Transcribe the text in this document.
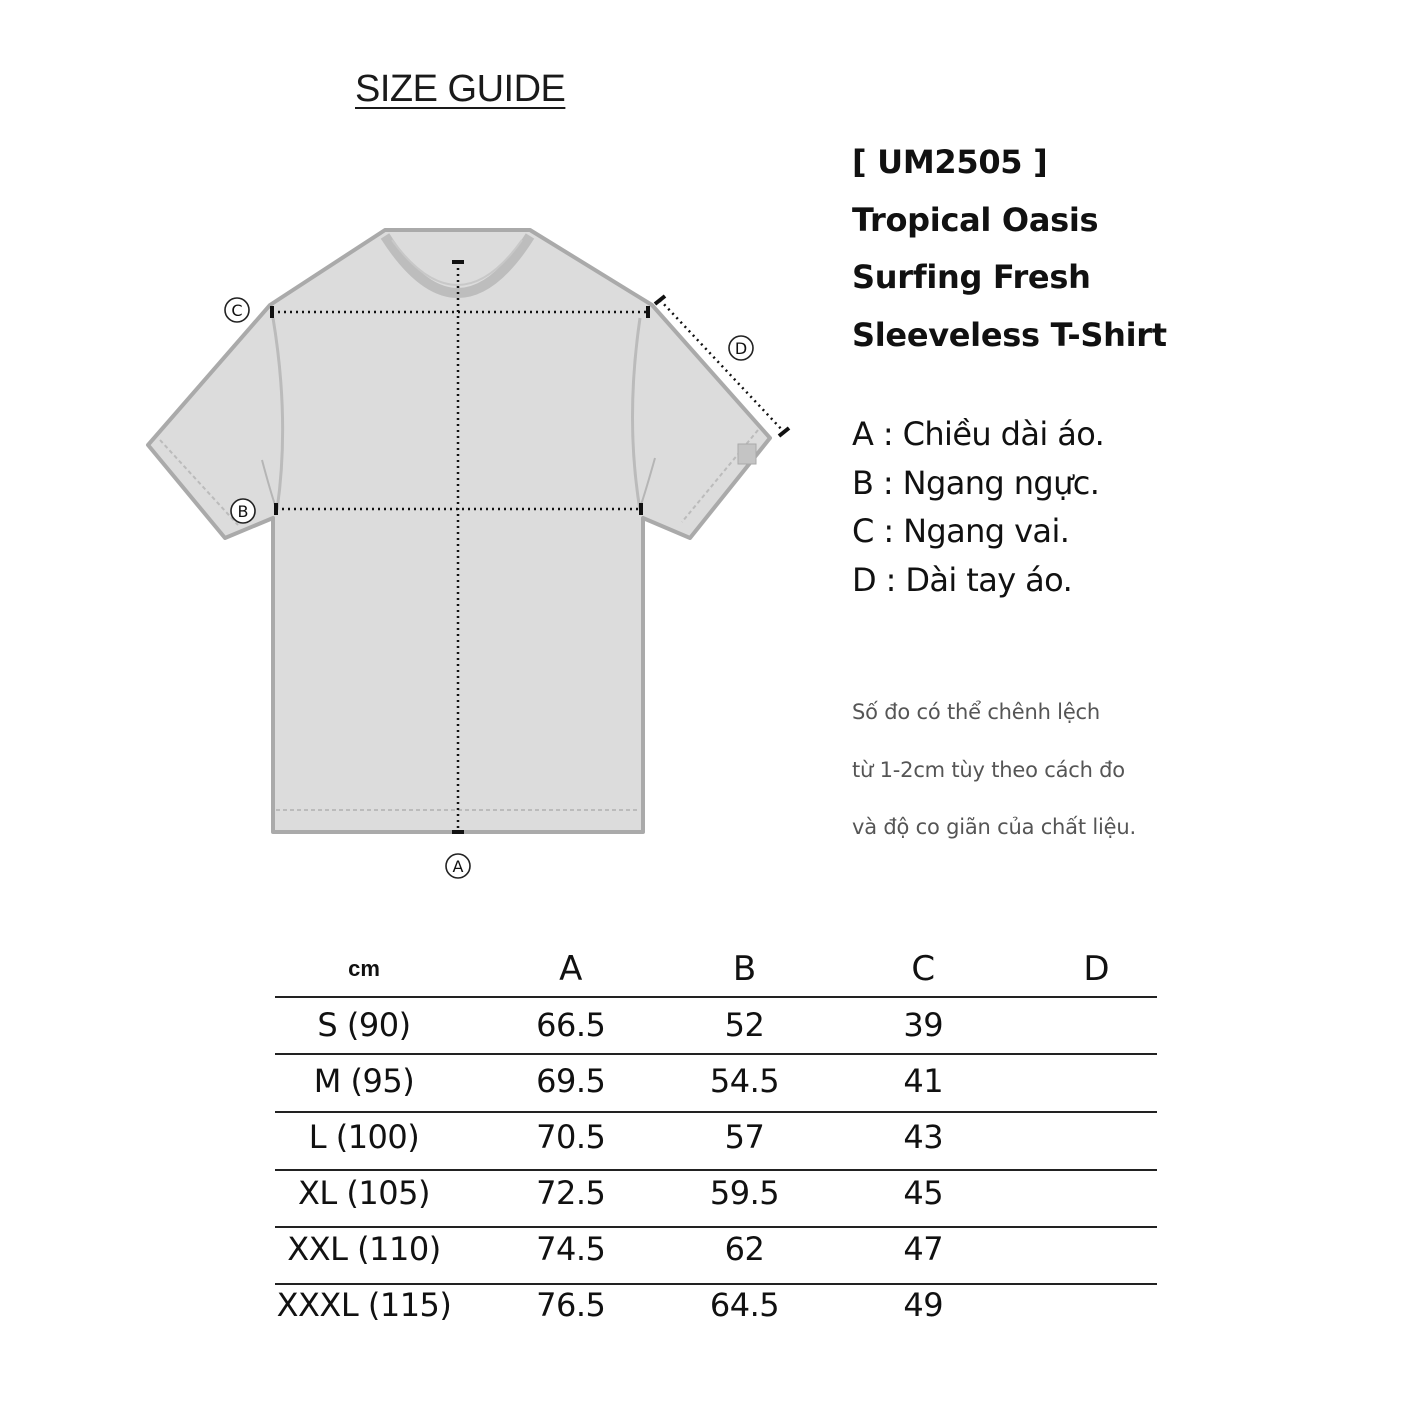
SIZE GUIDE
C
B
D
A
[ UM2505 ]
Tropical Oasis
Surfing Fresh
Sleeveless T-Shirt
A : Chiều dài áo.
B : Ngang ngực.
C : Ngang vai.
D : Dài tay áo.
Số đo có thể chênh lệch
từ 1-2cm tùy theo cách đo
và độ co giãn của chất liệu.
cm	A	B	C	D
S (90)	66.5	52	39	
M (95)	69.5	54.5	41	
L (100)	70.5	57	43	
XL (105)	72.5	59.5	45	
XXL (110)	74.5	62	47	
XXXL (115)	76.5	64.5	49	
